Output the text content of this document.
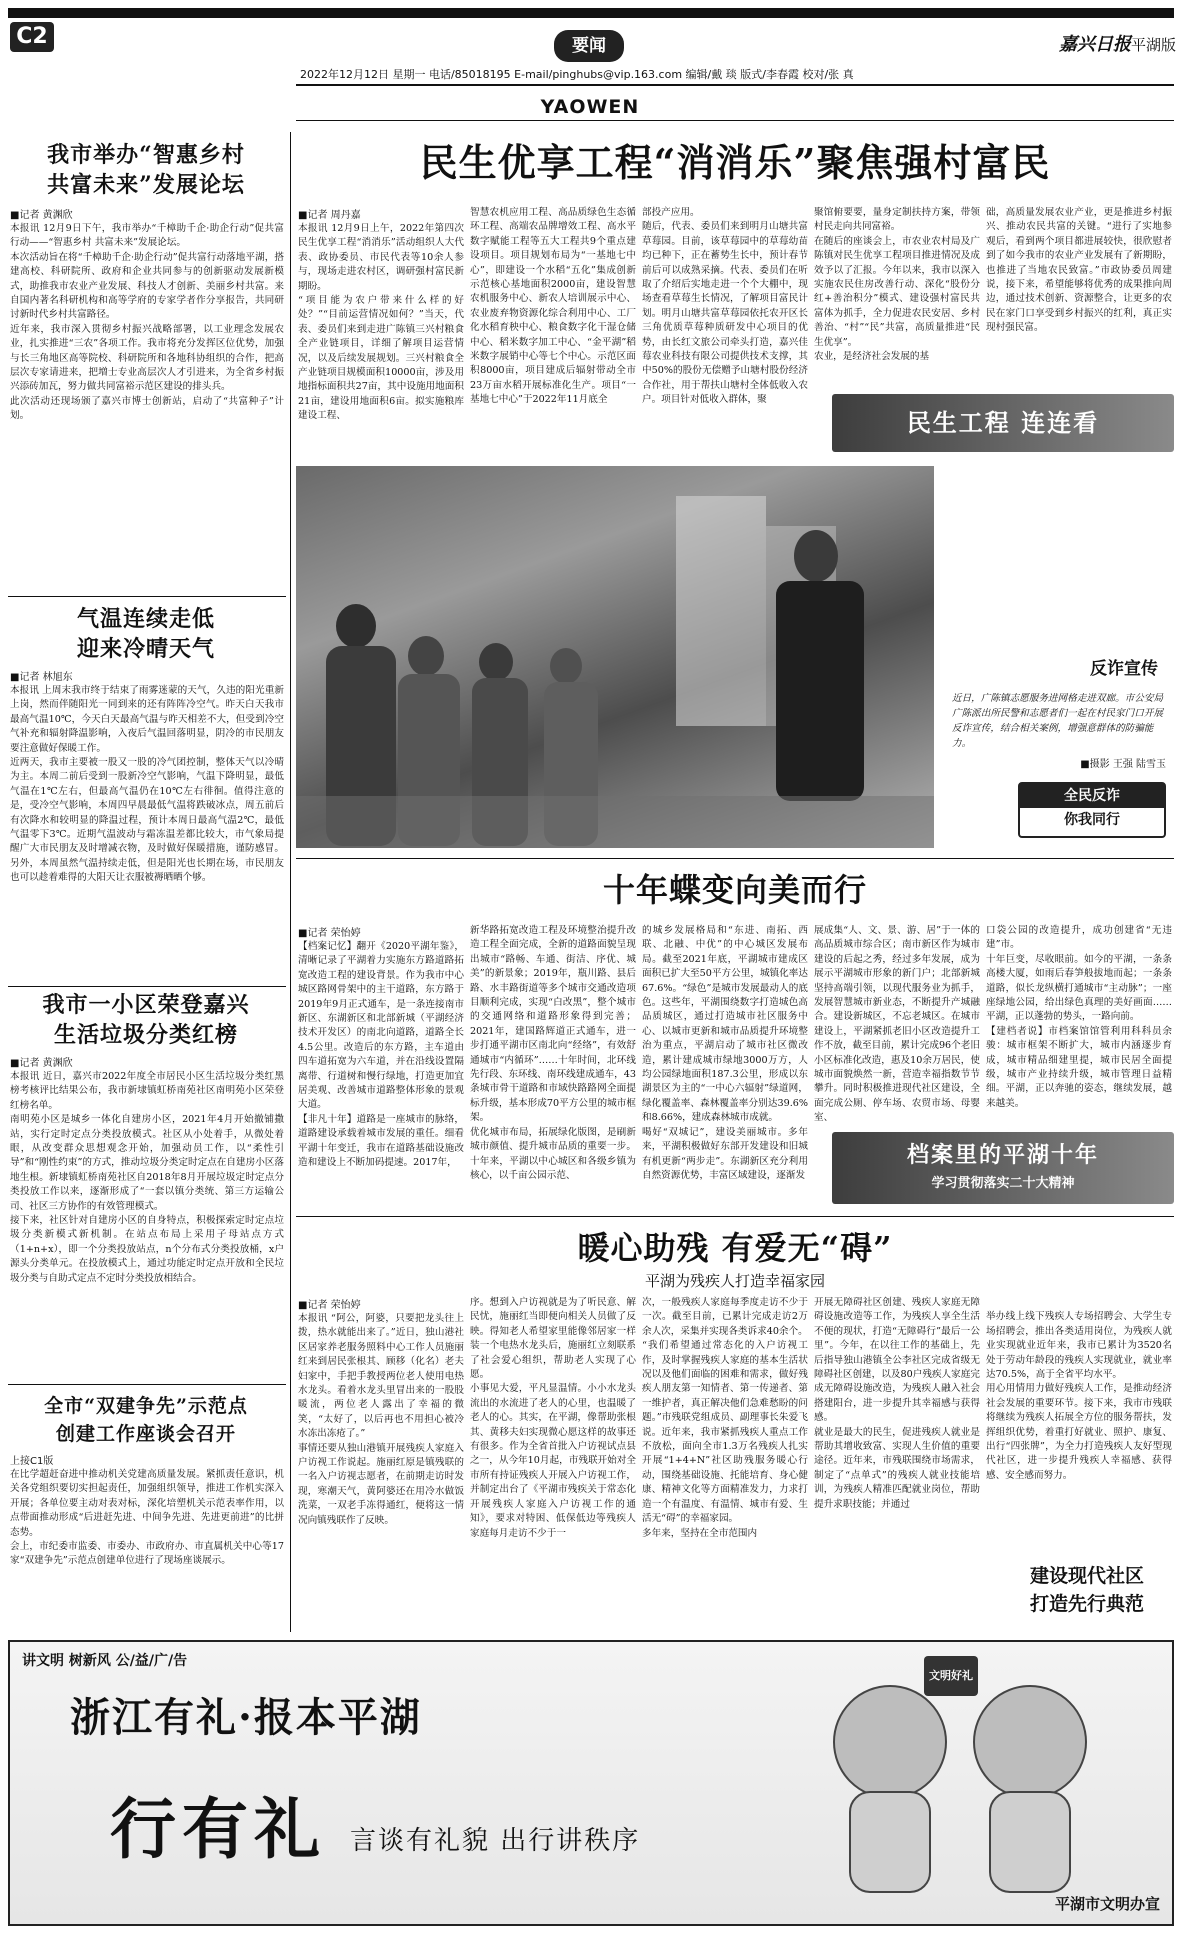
C2
2022年12月12日 星期一 电话/85018195 E-mail/pinghubs@vip.163.com 编辑/戴 琰 版式/李春霞 校对/张 真
要闻
YAOWEN
嘉兴日报平湖版
我市举办“智惠乡村
共富未来”发展论坛
■记者 黄渊欣
本报讯 12月9日下午，我市举办“千樟助千企·助企行动”促共富行动——“智惠乡村 共富未来”发展论坛。
本次活动旨在将“千樟助千企·助企行动”促共富行动落地平湖，搭建高校、科研院所、政府和企业共同参与的创新驱动发展新模式，助推我市农业产业发展、科技人才创新、美丽乡村共富。来自国内著名科研机构和高等学府的专家学者作分享报告，共同研讨新时代乡村共富路径。
近年来，我市深入贯彻乡村振兴战略部署，以工业理念发展农业，扎实推进“三农”各项工作。我市将充分发挥区位优势，加强与长三角地区高等院校、科研院所和各地科协组织的合作，把高层次专家请进来，把増士专业高层次人才引进来，为全省乡村振兴添砖加瓦，努力做共同富裕示范区建设的排头兵。
此次活动还现场颁了嘉兴市博士创新站，启动了“共富种子”计划。
气温连续走低
迎来冷晴天气
■记者 林旭东
本报讯 上周末我市终于结束了雨雾迷蒙的天气，久违的阳光重新上岗，然而伴随阳光一同到来的还有阵阵冷空气。昨天白天我市最高气温10℃，今天白天最高气温与昨天相差不大，但受到冷空气补充和辐射降温影响，入夜后气温回落明显，阴冷的市民朋友要注意做好保暖工作。
近两天，我市主要被一股又一股的冷气团控制，整体天气以冷晴为主。本周二前后受到一股新冷空气影响，气温下降明显，最低气温在1℃左右，但最高气温仍在10℃左右徘徊。值得注意的是，受冷空气影响，本周四早晨最低气温将跌破冰点，周五前后有次降水和较明显的降温过程，预计本周日最高气温2℃，最低气温零下3℃。近期气温波动与霜冻温差都比较大，市气象局提醒广大市民朋友及时增减衣物，及时做好保暖措施，谨防感冒。另外，本周虽然气温持续走低，但是阳光也长期在场，市民朋友也可以趁着难得的大阳天让衣服被褥晒晒个够。
我市一小区荣登嘉兴
生活垃圾分类红榜
■记者 黄渊欣
本报讯 近日，嘉兴市2022年度全市居民小区生活垃圾分类红黑榜考核评比结果公布，我市新埭镇虹桥南苑社区南明苑小区荣登红榜名单。
南明苑小区是城乡一体化自建房小区，2021年4月开始撤铺撒站，实行定时定点分类投放模式。社区从小处着手，从微处着眼，从改变群众思想观念开始，加强动员工作，以“柔性引导”和“刚性约束”的方式，推动垃圾分类定时定点在自建房小区落地生根。新埭镇虹桥南苑社区自2018年8月开展垃圾定时定点分类投放工作以来，逐渐形成了“一套以镇分类统、第三方运输公司、社区三方协作的有效管理模式。
接下来，社区针对自建房小区的自身特点，积极探索定时定点垃圾分类新模式新机制。在站点布局上采用子母站点方式（1+n+x），即一个分类投放站点，n个分布式分类投放桶，x户源头分类单元。在投放模式上，通过功能定时定点开放和全民垃圾分类与自助式定点不定时分类投放相结合。
全市“双建争先”示范点
创建工作座谈会召开
上接C1版
在比学超赶奋进中推动机关党建高质量发展。紧抓责任意识，机关各党组织要切实担起责任，加强组织领导，推进工作机实深入开展；各单位要主动对表对标，深化培塑机关示范表率作用，以点带面推动形成“后进赶先进、中间争先进、先进更前进”的比拼态势。
会上，市纪委市监委、市委办、市政府办、市直属机关中心等17家“双建争先”示范点创建单位进行了现场座谈展示。
民生优享工程“消消乐”聚焦强村富民
■记者 周丹嘉
本报讯 12月9日上午，2022年第四次民生优享工程“消消乐”活动组织人大代表、政协委员、市民代表等10余人参与，现场走进农村区，调研强村富民新期盼。
“项目能为农户带来什么样的好处？”“目前运营情况如何？”当天，代表、委员们来到走进广陈镇三兴村粮食全产业链项目，详细了解项目运营情况，以及后续发展规划。三兴村粮食全产业链项目规模面积10000亩，涉及用地指标面积共27亩，其中设施用地面积21亩，建设用地面积6亩。拟实施粮库建设工程、
智慧农机应用工程、高品质绿色生态循环工程、高端农品牌增效工程、高水平数字赋能工程等五大工程共9个重点建设项目。项目规划布局为“一基地七中心”，即建设一个水稻“五化”集成创新示范核心基地面积2000亩，建设智慧农机服务中心、新农人培训展示中心、农业废弃物资源化综合利用中心、工厂化水稻育秧中心、粮食数字化干湿仓储中心、稻米数字加工中心、“金平湖”稻米数字展销中心等七个中心。示范区面积8000亩，项目建成后辐射带动全市23万亩水稻开展标准化生产。项目“一基地七中心”于2022年11月底全
部投产应用。
随后，代表、委员们来到明月山塘共富草莓园。目前，该草莓园中的草莓幼苗均已种下，正在蓄势生长中，预计春节前后可以成熟采摘。代表、委员们在听取了介绍后实地走进一个个大棚中，现场查看草莓生长情况，了解项目富民计划。明月山塘共富草莓园依托农开区长三角优质草莓种质研发中心项目的优势，由长红文旅公司牵头打造，嘉兴佳莓农业科技有限公司提供技术支撑，其中50%的股份无偿赠予山塘村股份经济合作社，用于帮扶山塘村全体低收入农户。项目针对低收入群体，聚
聚馆俯要要，量身定制扶持方案，带领村民走向共同富裕。
在随后的座谈会上，市农业农村局及广陈镇对民生优享工程项目推进情况及成效予以了汇报。今年以来，我市以深入实施农民住房改善行动、深化“股份分红+善治积分”模式、建设强村富民共富体为抓手，全力促进农民安居、乡村善治、“村”“民”共富，高质量推进“民生优享”。
农业，是经济社会发展的基
础，高质量发展农业产业，更是推进乡村振兴、推动农民共富的关键。“进行了实地参观后，看到两个项目都进展较快，很欣慰者到了如今我市的农业产业发展有了新期盼，也推进了当地农民致富。”市政协委员周建说，接下来，希望能够将优秀的成果推向周边，通过技术创新、资源整合，让更多的农民在家门口享受到乡村振兴的红利，真正实现村强民富。
民生工程 连连看
反诈宣传
近日，广陈镇志愿服务进网格走进双廊。市公安局广陈派出所民警和志愿者们一起在村民家门口开展反诈宣传，结合相关案例，增强意群体的防骗能力。
■摄影 王强 陆雪玉
全民反诈
你我同行
十年蝶变向美而行
■记者 荣怡婷
【档案记忆】翻开《2020平湖年鉴》，清晰记录了平湖着力实施东方路道路拓宽改造工程的建设背景。作为我市中心城区路网骨架中的主干道路，东方路于2019年9月正式通车，是一条连接南市新区、东湖新区和北部新城（平湖经济技术开发区）的南北向道路，道路全长4.5公里。改造后的东方路，主车道由四车道拓宽为六车道，并在沿线设置隔离带、行道树和慢行绿地，打造更加宜居美观、改善城市道路整体形象的景观大道。
【非凡十年】道路是一座城市的脉络，道路建设承载着城市发展的重任。细看平湖十年变迁，我市在道路基础设施改造和建设上不断加码提速。2017年，
新华路拓宽改造工程及环境整治提升改造工程全面完成，全新的道路面貌呈现出城市“路畅、车通、街洁、序优、城美”的新景象；2019年，瓶川路、县后路、水丰路街道等多个城市交通改造项目顺利完成，实现“白改黑”，整个城市的交通网络和道路形象得到完善；2021年，建国路辉道正式通车，进一步打通平湖市区南北向“经络”，有效舒通城市“内循环”……十年时间，北环线先行段、东环线、南环线建成通车，43条城市骨干道路和市域快路路网全面提标升级，基本形成70平方公里的城市框架。
优化城市布局，拓展绿化版图，是刷新城市颜值、提升城市品质的重要一步。十年来，平湖以中心城区和各级乡镇为核心，以千亩公园示范、
的城乡发展格局和“东进、南拓、西联、北融、中优”的中心城区发展布局。截至2021年底，平湖城市建成区面积已扩大至50平方公里，城镇化率达67.6%。“绿色”是城市发展最动人的底色。这些年，平湖围绕数字打造城色高品质城区，通过打造城市社区服务中心、以城市更新和城市品质提升环境整治为重点，平湖启动了城市社区微改造，累计建成城市绿地3000万方，人均公园绿地面积187.3公里，形成以东湖景区为主的“一中心六辐射”绿道网，绿化覆盖率、森林覆盖率分别达39.6%和8.66%，建成森林城市成就。
喝好“双城记”，建设美丽城市。多年来，平湖积极做好东部开发建设和旧城有机更新“两步走”。东湖新区充分利用自然资源优势，丰富区域建设，逐渐发
展成集“人、文、景、游、居”于一体的高品质城市综合区；南市新区作为城市建设的后起之秀，经过多年发展，成为展示平湖城市形象的新门户；北部新城坚持高端引领，以现代服务业为抓手，发展智慧城市新业态，不断提升产城融合。建设新城区，不忘老城区。在城市建设上，平湖紧抓老旧小区改造提升工作不放，截至目前，累计完成96个老旧小区标准化改造，惠及10余万居民，使城市面貌焕然一新，营造幸福指数节节攀升。同时积极推进现代社区建设，全面完成公厕、停车场、农贸市场、母婴室、
口袋公园的改造提升，成功创建省“无违建”市。
十年巨变，尽收眼前。如今的平湖，一条条高楼大厦，如雨后春笋般拔地而起；一条条道路，似长龙纵横打通城市“主动脉”；一座座绿地公园，给出绿色真理的美好画面……平湖，正以蓬勃的势头，一路向前。
【建档者说】市档案馆馆管利用科科员余骏：城市框架不断扩大，城市内涵逐步育成，城市精品细建里提，城市民居全面提级，城市产业持续升级，城市管理日益精细。平湖，正以奔驰的姿态，继续发展，越来越美。
档案里的平湖十年
学习贯彻落实二十大精神
暖心助残 有爱无“碍”
平湖为残疾人打造幸福家园
■记者 荣怡婷
本报讯 “阿公，阿婆，只要把龙头往上拨，热水就能出来了。”近日，独山港社区居家养老服务照料中心工作人员施丽红来到居民张根其、顾移（化名）老夫妇家中，手把手教授两位老人使用电热水龙头。看着水龙头里冒出来的一股股暖流，两位老人露出了幸福的微笑，“太好了，以后再也不用担心被冷水冻出冻疮了。”
事情还要从独山港镇开展残疾人家庭入户访视工作说起。施丽红原是镇残联的一名入户访视志愿者，在前期走访时发现，寒潮天气，黄阿婆还在用冷水做饭洗菜，一双老手冻得通红，便将这一情况向镇残联作了反映。
序。想到入户访视就是为了听民意、解民忧，施丽红当即便向相关人员做了反映。得知老人希望家里能像邻居家一样装一个电热水龙头后，施丽红立刻联系了社会爱心组织，帮助老人实现了心愿。
小事见大爱，平凡显温情。小小水龙头流出的水流进了老人的心里，也温暖了老人的心。其实，在平湖，像帮助张根其、黄移夫妇实现微心愿这样的故事还有很多。作为全省首批入户访视试点县之一，从今年10月起，市残联开始对全市所有持证残疾人开展入户访视工作，并制定出台了《平湖市残疾关于常态化开展残疾人家庭入户访视工作的通知》，要求对特困、低保低边等残疾人家庭每月走访不少于一
次，一般残疾人家庭每季度走访不少于一次。截至目前，已累计完成走访2万余人次，采集并实现各类诉求40余个。
“我们希望通过常态化的入户访视工作，及时掌握残疾人家庭的基本生活状况以及他们面临的困难和需求，做好残疾人朋友第一知情者、第一传递者、第一维护者，真正解决他们急难愁盼的问题。”市残联党组成员、副理事长朱爱飞说。近年来，我市紧抓残疾人重点工作不放松，面向全市1.3万名残疾人扎实开展“1+4+N”社区助残服务暖心行动，围绕基础设施、托能培育、身心健康、精神文化等方面精准发力，力求打造一个有温度、有温情、城市有爱、生活无“碍”的幸福家园。
多年来，坚持在全市范围内
开展无障碍社区创建、残疾人家庭无障碍设施改造等工作，为残疾人享全生活不便的现状，打造“无障碍行”最后一公里”。今年，在以往工作的基础上，先后指导独山港镇全公李社区完成省级无障碍社区创建，以及80户残疾人家庭完成无障碍设施改造，为残疾人融入社会搭建阳台，进一步提升其幸福感与获得感。
就业是最大的民生，促进残疾人就业是帮助其增收致富、实现人生价值的重要途径。近年来，市残联围绕市场需求，制定了“点单式”的残疾人就业技能培训，为残疾人精准匹配就业岗位，帮助提升求职技能；并通过

举办线上线下残疾人专场招聘会、大学生专场招聘会，推出各类适用岗位，为残疾人就业实现就业近年来，我市已累计为3520名处于劳动年龄段的残疾人实现就业，就业率达70.5%，高于全省平均水平。
用心用情用力做好残疾人工作，是推动经济社会发展的重要环节。接下来，我市市残联将继续为残疾人拓展全方位的服务帮扶，发挥组织优势，着重打好就业、照护、康复、出行“四张牌”，为全力打造残疾人友好型现代社区，进一步提升残疾人幸福感、获得感、安全感而努力。

建设现代社区
打造先行典范
讲文明 树新风 公/益/广/告
浙江有礼·报本平湖
行有礼 言谈有礼貌 出行讲秩序
文明好礼
平湖市文明办宣
